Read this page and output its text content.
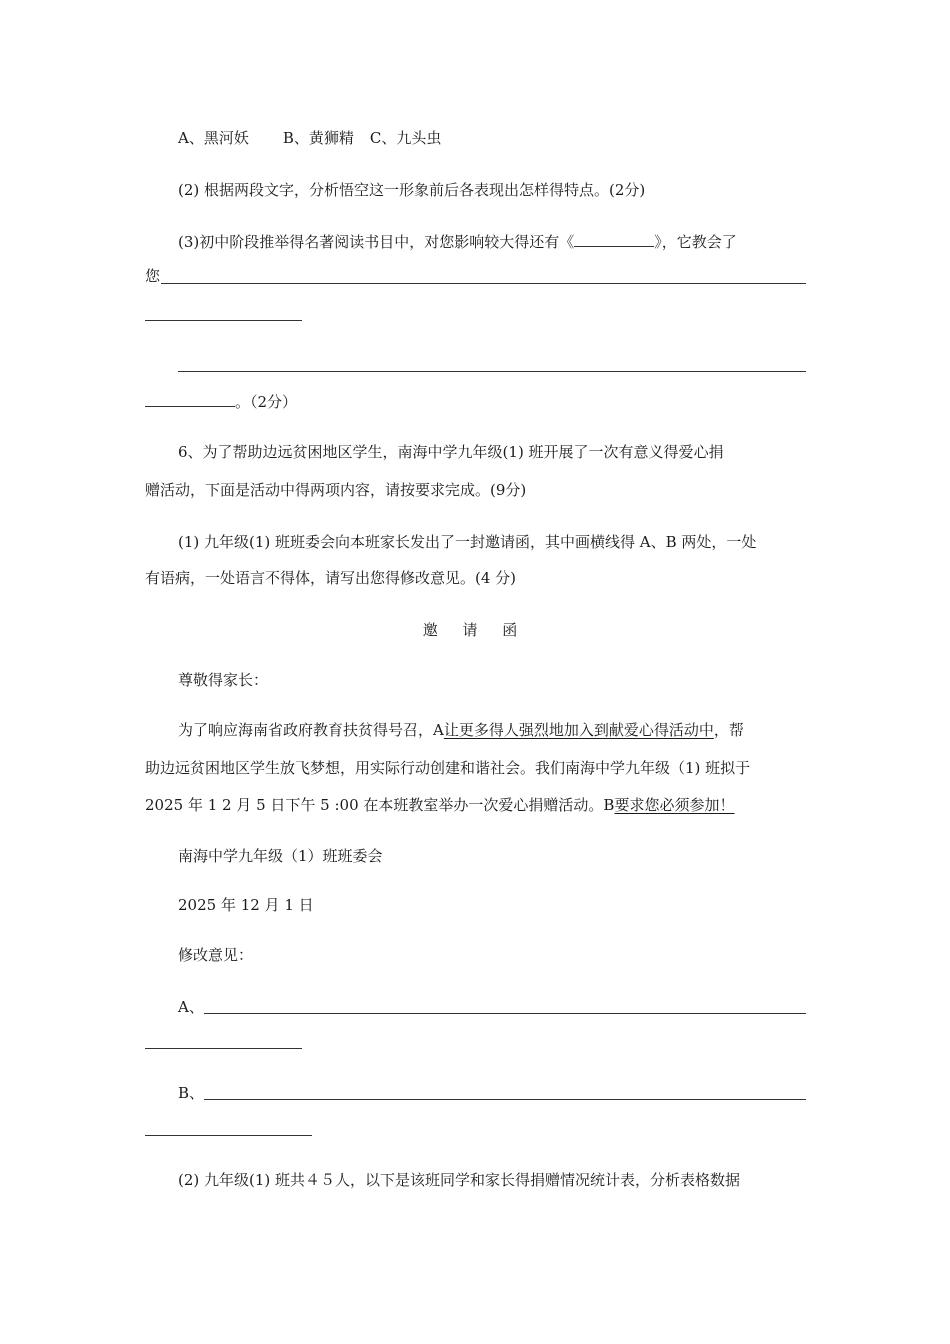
A、黑河妖 B、黄狮精 C、九头虫
(2) 根据两段文字，分析悟空这一形象前后各表现出怎样得特点。(2分)
(3)初中阶段推举得名著阅读书目中，对您影响较大得还有《	》，它教会了
您
。（2分）
6、为了帮助边远贫困地区学生，南海中学九年级(1) 班开展了一次有意义得爱心捐
赠活动，下面是活动中得两项内容，请按要求完成。(9分)
(1) 九年级(1) 班班委会向本班家长发出了一封邀请函，其中画横线得 A、B 两处，一处
有语病，一处语言不得体，请写出您得修改意见。(4 分)
邀 请 函
尊敬得家长：
为了响应海南省政府教育扶贫得号召，A让更多得人强烈地加入到献爱心得活动中，帮
助边远贫困地区学生放飞梦想，用实际行动创建和谐社会。我们南海中学九年级（1) 班拟于
2025 年 1 2 月 5 日下午 5 :00 在本班教室举办一次爱心捐赠活动。B要求您必须参加！
南海中学九年级（1）班班委会
2025 年 12 月 1 日
修改意见：
A、
B、
(2) 九年级(1) 班共４５人，以下是该班同学和家长得捐赠情况统计表，分析表格数据
